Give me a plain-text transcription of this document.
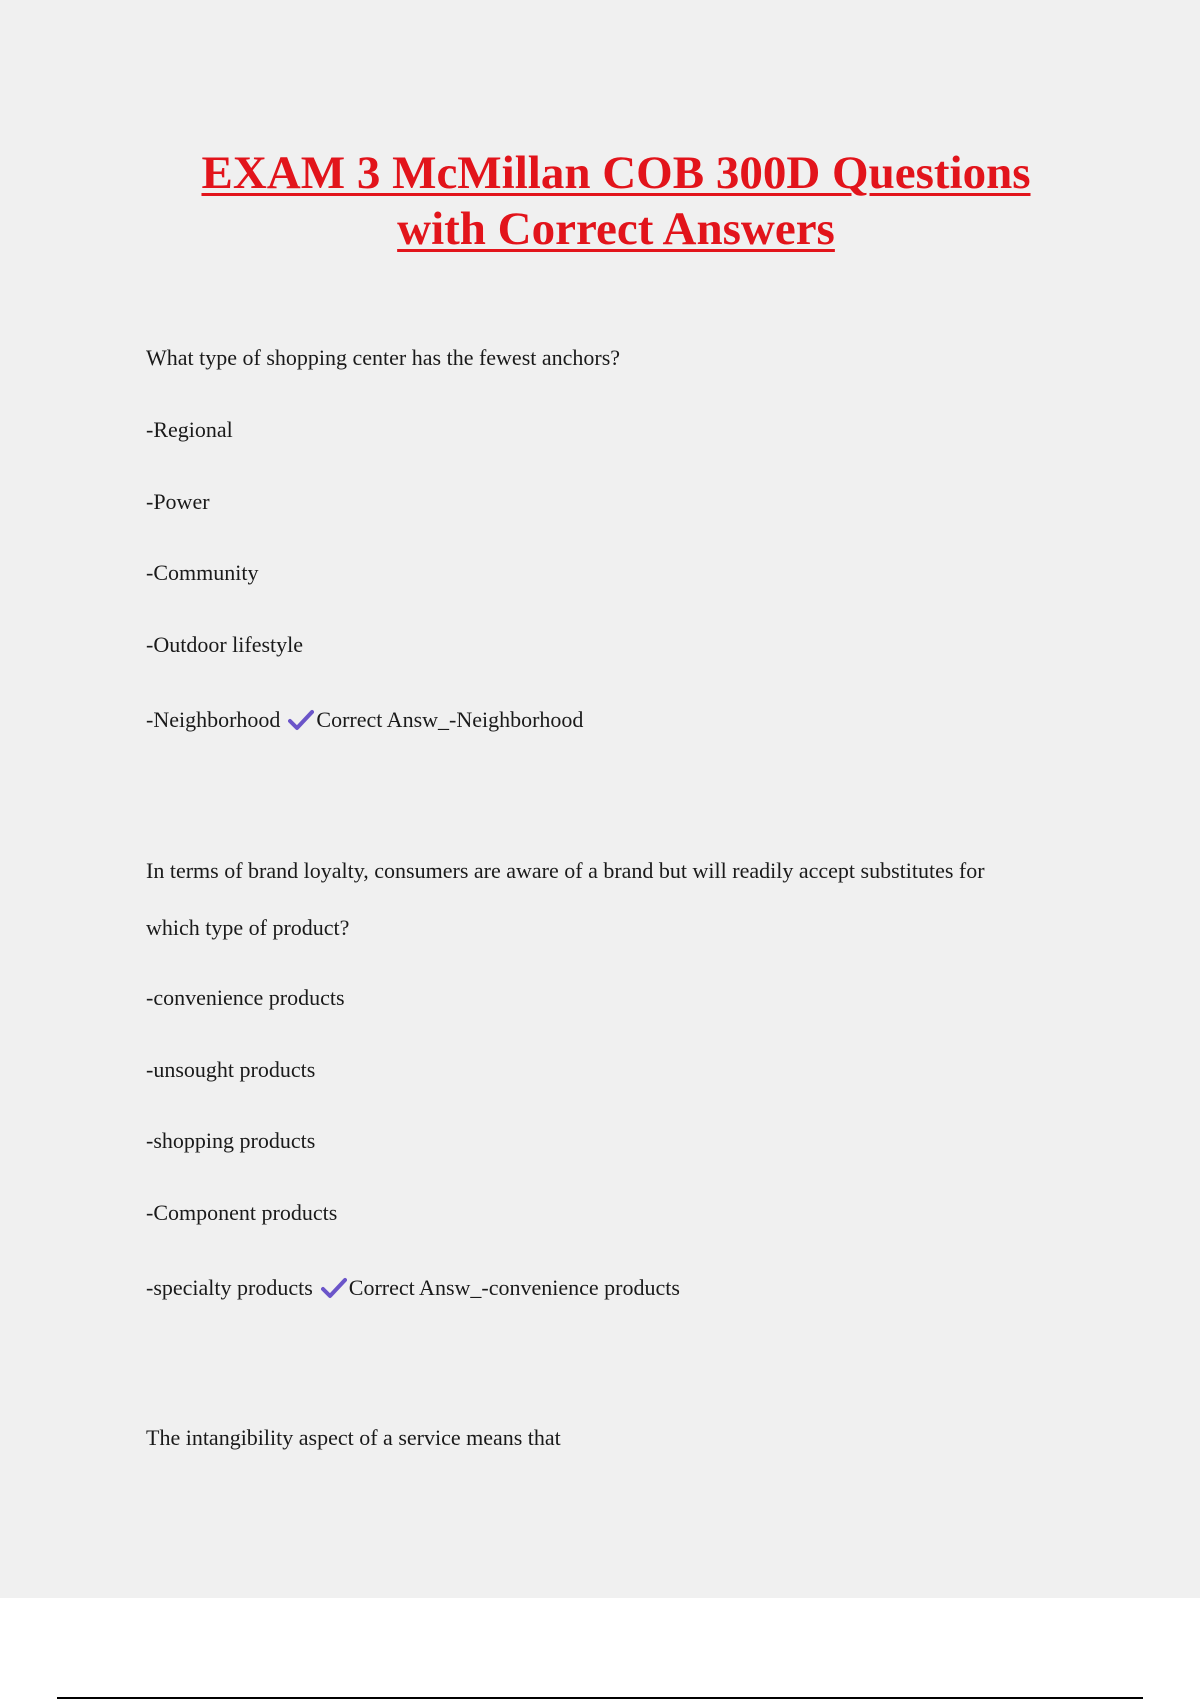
EXAM 3 McMillan COB 300D Questions
with Correct Answers
What type of shopping center has the fewest anchors?
-Regional
-Power
-Community
-Outdoor lifestyle
-Neighborhood Correct Answ_-Neighborhood
In terms of brand loyalty, consumers are aware of a brand but will readily accept substitutes for
which type of product?
-convenience products
-unsought products
-shopping products
-Component products
-specialty products Correct Answ_-convenience products
The intangibility aspect of a service means that
